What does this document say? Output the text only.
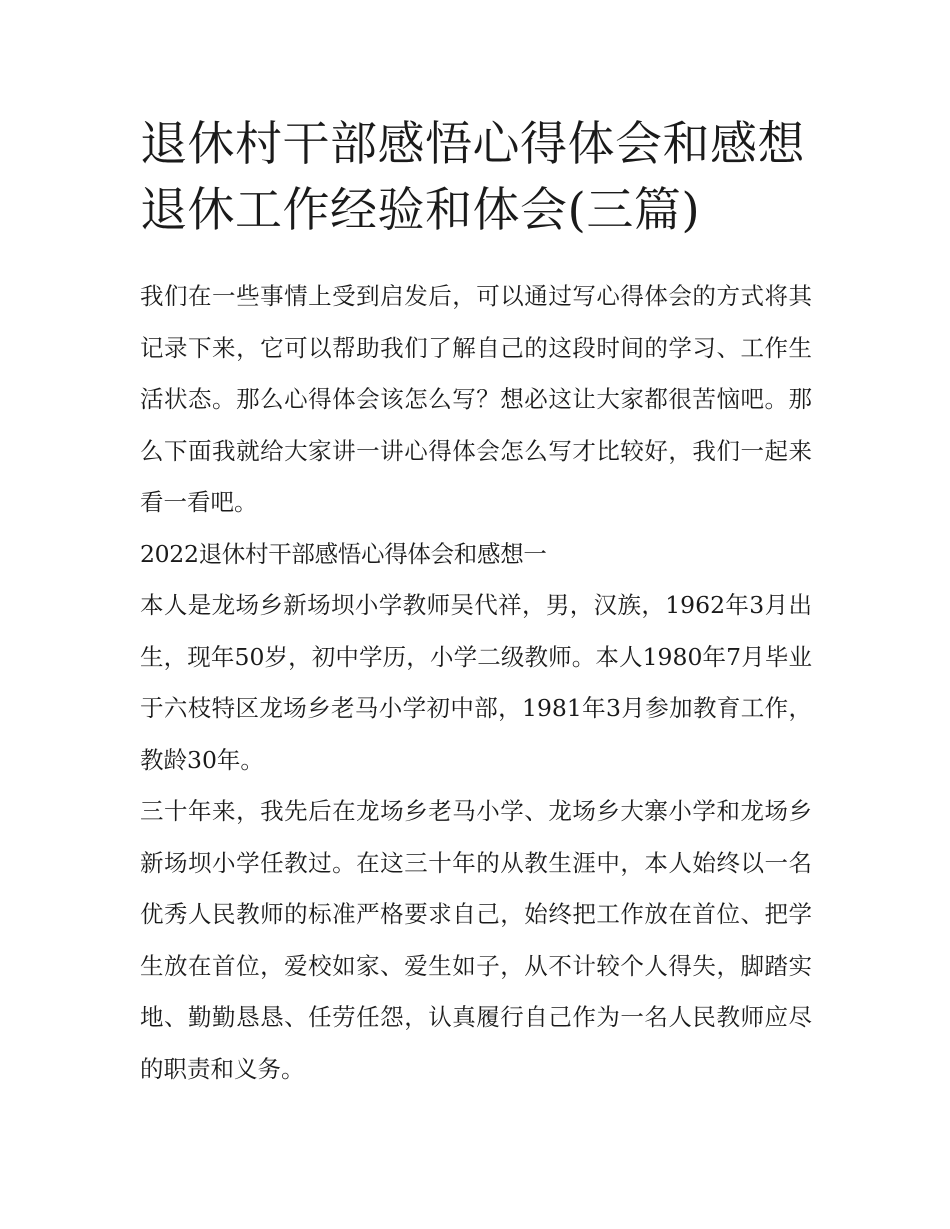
退休村干部感悟心得体会和感想 退休工作经验和体会(三篇)

我们在一些事情上受到启发后，可以通过写心得体会的方式将其记录下来，它可以帮助我们了解自己的这段时间的学习、工作生活状态。那么心得体会该怎么写？想必这让大家都很苦恼吧。那么下面我就给大家讲一讲心得体会怎么写才比较好，我们一起来看一看吧。

2022退休村干部感悟心得体会和感想一

本人是龙场乡新场坝小学教师吴代祥，男，汉族，1962年3月出生，现年50岁，初中学历，小学二级教师。本人1980年7月毕业于六枝特区龙场乡老马小学初中部，1981年3月参加教育工作，教龄30年。

三十年来，我先后在龙场乡老马小学、龙场乡大寨小学和龙场乡新场坝小学任教过。在这三十年的从教生涯中，本人始终以一名优秀人民教师的标准严格要求自己，始终把工作放在首位、把学生放在首位，爱校如家、爱生如子，从不计较个人得失，脚踏实地、勤勤恳恳、任劳任怨，认真履行自己作为一名人民教师应尽的职责和义务。
